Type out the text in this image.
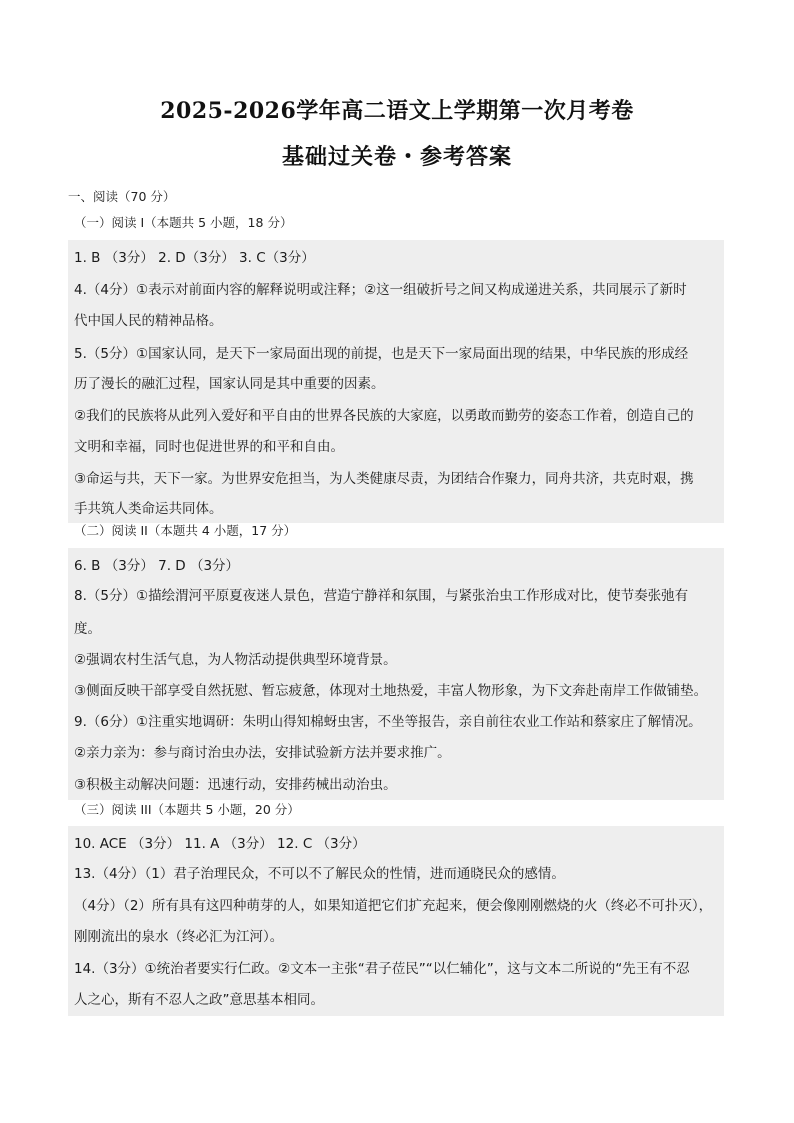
2025-2026学年高二语文上学期第一次月考卷
基础过关卷・参考答案
一、阅读（70 分）
（一）阅读 I（本题共 5 小题，18 分）
1. B （3分） 2. D（3分） 3. C（3分）
4.（4分）①表示对前面内容的解释说明或注释；②这一组破折号之间又构成递进关系，共同展示了新时
代中国人民的精神品格。
5.（5分）①国家认同，是天下一家局面出现的前提，也是天下一家局面出现的结果，中华民族的形成经
历了漫长的融汇过程，国家认同是其中重要的因素。
②我们的民族将从此列入爱好和平自由的世界各民族的大家庭，以勇敢而勤劳的姿态工作着，创造自己的
文明和幸福，同时也促进世界的和平和自由。
③命运与共，天下一家。为世界安危担当，为人类健康尽责，为团结合作聚力，同舟共济，共克时艰，携
手共筑人类命运共同体。
（二）阅读 II（本题共 4 小题，17 分）
6. B （3分） 7. D （3分）
8.（5分）①描绘渭河平原夏夜迷人景色，营造宁静祥和氛围，与紧张治虫工作形成对比，使节奏张弛有
度。
②强调农村生活气息，为人物活动提供典型环境背景。
③侧面反映干部享受自然抚慰、暂忘疲惫，体现对土地热爱，丰富人物形象，为下文奔赴南岸工作做铺垫。
9.（6分）①注重实地调研：朱明山得知棉蚜虫害，不坐等报告，亲自前往农业工作站和蔡家庄了解情况。
②亲力亲为：参与商讨治虫办法，安排试验新方法并要求推广。
③积极主动解决问题：迅速行动，安排药械出动治虫。
（三）阅读 III（本题共 5 小题，20 分）
10. ACE （3分） 11. A （3分） 12. C （3分）
13.（4分）（1）君子治理民众，不可以不了解民众的性情，进而通晓民众的感情。
（4分）（2）所有具有这四种萌芽的人，如果知道把它们扩充起来，便会像刚刚燃烧的火（终必不可扑灭），
刚刚流出的泉水（终必汇为江河）。
14.（3分）①统治者要实行仁政。②文本一主张“君子莅民”“以仁辅化”，这与文本二所说的“先王有不忍
人之心，斯有不忍人之政”意思基本相同。
